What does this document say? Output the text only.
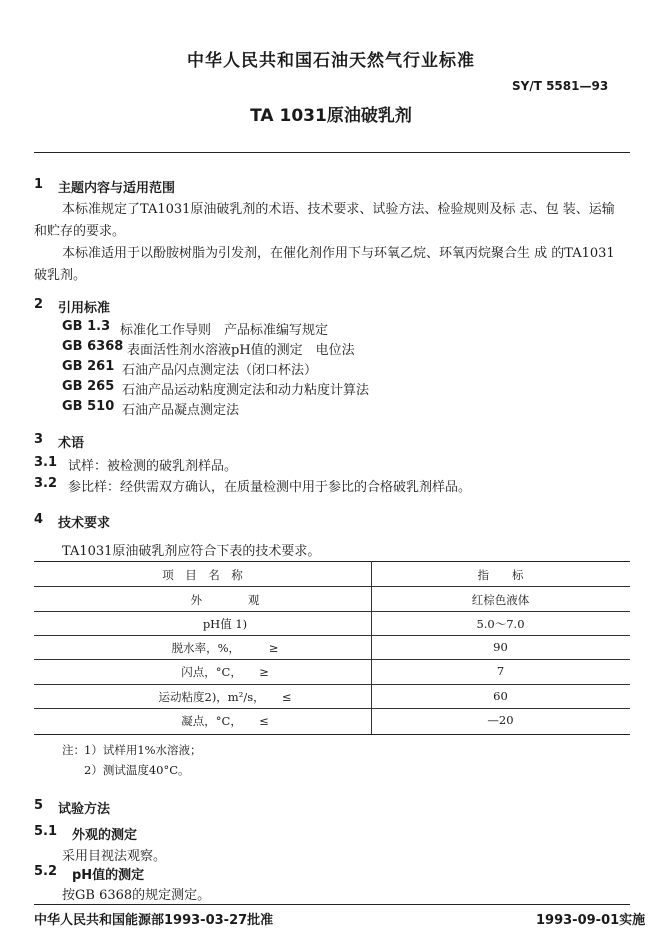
中华人民共和国石油天然气行业标准
SY/T 5581—93
TA 1031原油破乳剂
1 主题内容与适用范围
本标准规定了TA1031原油破乳剂的术语、技术要求、试验方法、检验规则及标 志、包 装、运输
和贮存的要求。
本标准适用于以酚胺树脂为引发剂，在催化剂作用下与环氧乙烷、环氧丙烷聚合生 成 的TA1031
破乳剂。
2 引用标准
GB 1.3 标准化工作导则　产品标准编写规定
GB 6368 表面活性剂水溶液pH值的测定　电位法
GB 261 石油产品闪点测定法（闭口杯法）
GB 265 石油产品运动粘度测定法和动力粘度计算法
GB 510 石油产品凝点测定法
3 术语
3.1 试样：被检测的破乳剂样品。
3.2 参比样：经供需双方确认，在质量检测中用于参比的合格破乳剂样品。
4 技术要求
TA1031原油破乳剂应符合下表的技术要求。
项　目　名　称	指　　标
外　　　　观	红棕色液体
pH值 1)	5.0～7.0
脱水率，%，　　　≥	90
闪点，°C，　　≥	7
运动粘度2)，m²/s，　　≤	60
凝点，°C，　　≤	—20
注： 1）试样用1%水溶液；
2）测试温度40°C。
5 试验方法
5.1 外观的测定
采用目视法观察。
5.2 pH值的测定
按GB 6368的规定测定。
中华人民共和国能源部1993-03-27批准	1993-09-01实施
